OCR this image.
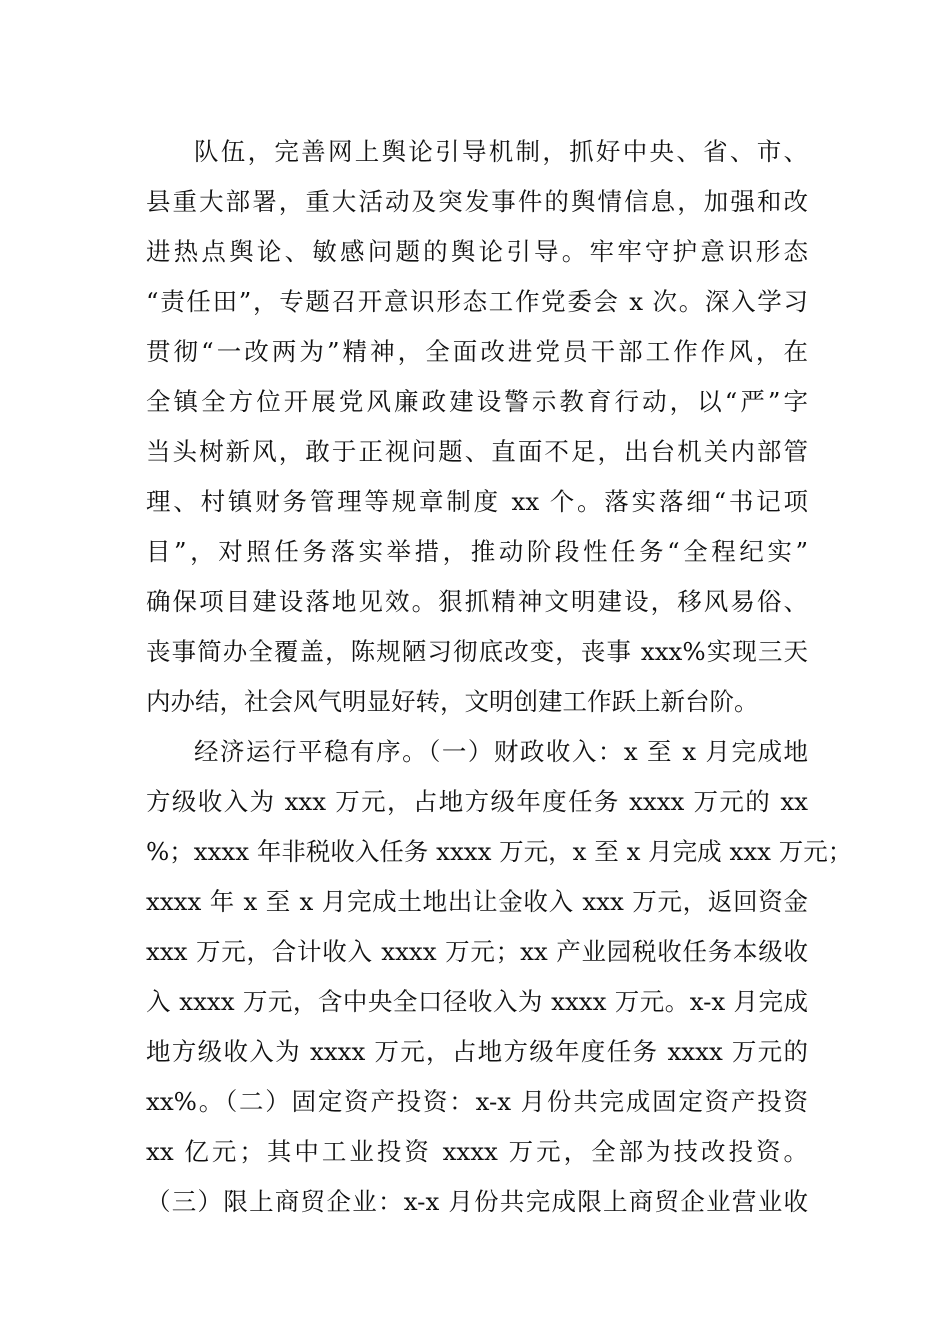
队伍，完善网上舆论引导机制，抓好中央、省、市、
县重大部署，重大活动及突发事件的舆情信息，加强和改
进热点舆论、敏感问题的舆论引导。牢牢守护意识形态
“责任田”，专题召开意识形态工作党委会 x 次。深入学习
贯彻“一改两为”精神，全面改进党员干部工作作风，在
全镇全方位开展党风廉政建设警示教育行动，以“严”字
当头树新风，敢于正视问题、直面不足，出台机关内部管
理、村镇财务管理等规章制度 xx 个。落实落细“书记项
目”，对照任务落实举措，推动阶段性任务“全程纪实”
确保项目建设落地见效。狠抓精神文明建设，移风易俗、
丧事简办全覆盖，陈规陋习彻底改变，丧事 xxx%实现三天
内办结，社会风气明显好转，文明创建工作跃上新台阶。
经济运行平稳有序。（一）财政收入：x 至 x 月完成地
方级收入为 xxx 万元，占地方级年度任务 xxxx 万元的 xx
%；xxxx 年非税收入任务 xxxx 万元，x 至 x 月完成 xxx 万元；
xxxx 年 x 至 x 月完成土地出让金收入 xxx 万元，返回资金
xxx 万元，合计收入 xxxx 万元；xx 产业园税收任务本级收
入 xxxx 万元，含中央全口径收入为 xxxx 万元。x-x 月完成
地方级收入为 xxxx 万元，占地方级年度任务 xxxx 万元的
xx%。（二）固定资产投资：x-x 月份共完成固定资产投资
xx 亿元；其中工业投资 xxxx 万元，全部为技改投资。
（三）限上商贸企业：x-x 月份共完成限上商贸企业营业收
